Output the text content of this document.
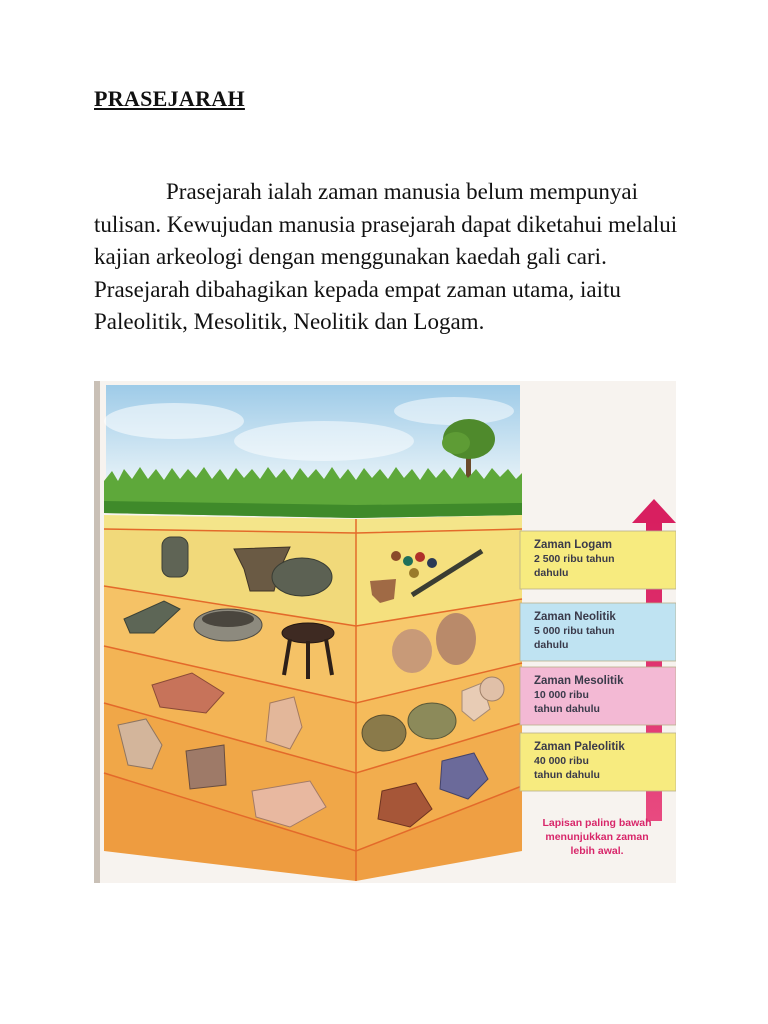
PRASEJARAH

Prasejarah ialah zaman manusia belum mempunyai tulisan. Kewujudan manusia prasejarah dapat diketahui melalui kajian arkeologi dengan menggunakan kaedah gali cari. Prasejarah dibahagikan kepada empat zaman utama, iaitu Paleolitik, Mesolitik, Neolitik dan Logam.

Zaman Logam
2 500 ribu tahun
dahulu
Zaman Neolitik
5 000 ribu tahun
dahulu
Zaman Mesolitik
10 000 ribu
tahun dahulu
Zaman Paleolitik
40 000 ribu
tahun dahulu
Lapisan paling bawah
menunjukkan zaman
lebih awal.
